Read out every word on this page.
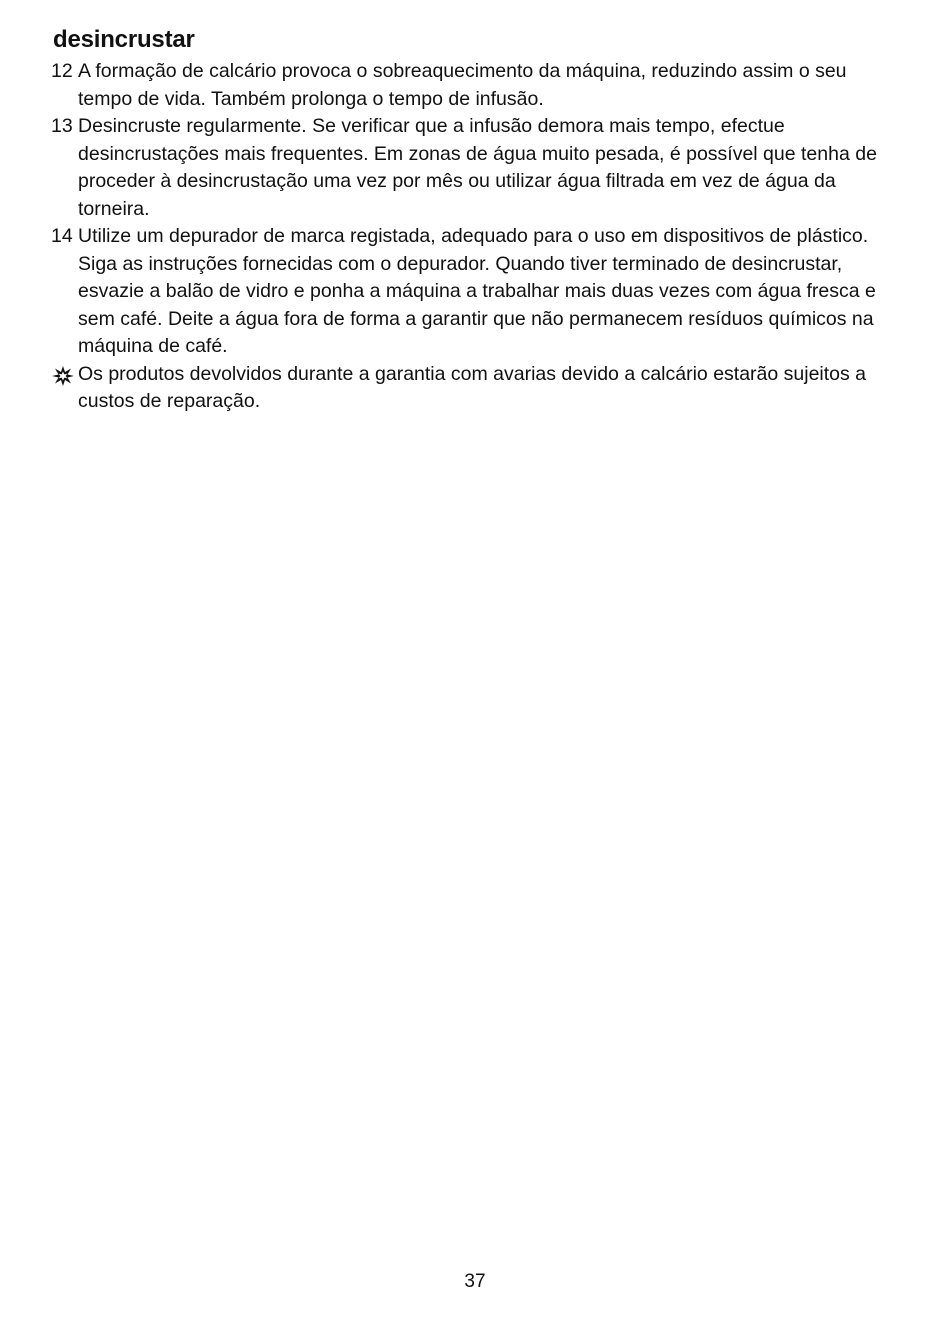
desincrustar
12 A formação de calcário provoca o sobreaquecimento da máquina, reduzindo assim o seu tempo de vida. Também prolonga o tempo de infusão.
13 Desincruste regularmente. Se verificar que a infusão demora mais tempo, efectue desincrustações mais frequentes. Em zonas de água muito pesada, é possível que tenha de proceder à desincrustação uma vez por mês ou utilizar água filtrada em vez de água da torneira.
14 Utilize um depurador de marca registada, adequado para o uso em dispositivos de plástico. Siga as instruções fornecidas com o depurador. Quando tiver terminado de desincrustar, esvazie a balão de vidro e ponha a máquina a trabalhar mais duas vezes com água fresca e sem café. Deite a água fora de forma a garantir que não permanecem resíduos químicos na máquina de café.
Os produtos devolvidos durante a garantia com avarias devido a calcário estarão sujeitos a custos de reparação.
37
